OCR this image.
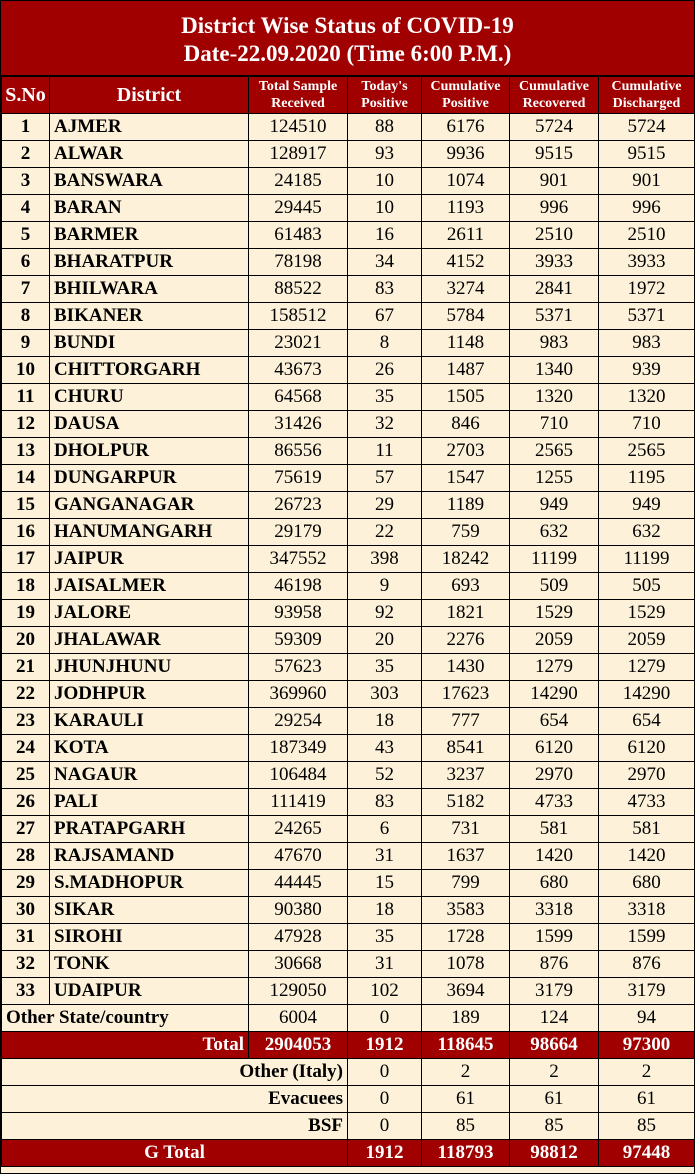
District Wise Status of COVID-19
Date-22.09.2020 (Time 6:00 P.M.)
S.No	District	Total Sample Received	Today's Positive	Cumulative Positive	Cumulative Recovered	Cumulative Discharged
1	AJMER	124510	88	6176	5724	5724
2	ALWAR	128917	93	9936	9515	9515
3	BANSWARA	24185	10	1074	901	901
4	BARAN	29445	10	1193	996	996
5	BARMER	61483	16	2611	2510	2510
6	BHARATPUR	78198	34	4152	3933	3933
7	BHILWARA	88522	83	3274	2841	1972
8	BIKANER	158512	67	5784	5371	5371
9	BUNDI	23021	8	1148	983	983
10	CHITTORGARH	43673	26	1487	1340	939
11	CHURU	64568	35	1505	1320	1320
12	DAUSA	31426	32	846	710	710
13	DHOLPUR	86556	11	2703	2565	2565
14	DUNGARPUR	75619	57	1547	1255	1195
15	GANGANAGAR	26723	29	1189	949	949
16	HANUMANGARH	29179	22	759	632	632
17	JAIPUR	347552	398	18242	11199	11199
18	JAISALMER	46198	9	693	509	505
19	JALORE	93958	92	1821	1529	1529
20	JHALAWAR	59309	20	2276	2059	2059
21	JHUNJHUNU	57623	35	1430	1279	1279
22	JODHPUR	369960	303	17623	14290	14290
23	KARAULI	29254	18	777	654	654
24	KOTA	187349	43	8541	6120	6120
25	NAGAUR	106484	52	3237	2970	2970
26	PALI	111419	83	5182	4733	4733
27	PRATAPGARH	24265	6	731	581	581
28	RAJSAMAND	47670	31	1637	1420	1420
29	S.MADHOPUR	44445	15	799	680	680
30	SIKAR	90380	18	3583	3318	3318
31	SIROHI	47928	35	1728	1599	1599
32	TONK	30668	31	1078	876	876
33	UDAIPUR	129050	102	3694	3179	3179
Other State/country		6004	0	189	124	94
Total		2904053	1912	118645	98664	97300
Other (Italy)			0	2	2	2
Evacuees			0	61	61	61
BSF			0	85	85	85
G Total			1912	118793	98812	97448
